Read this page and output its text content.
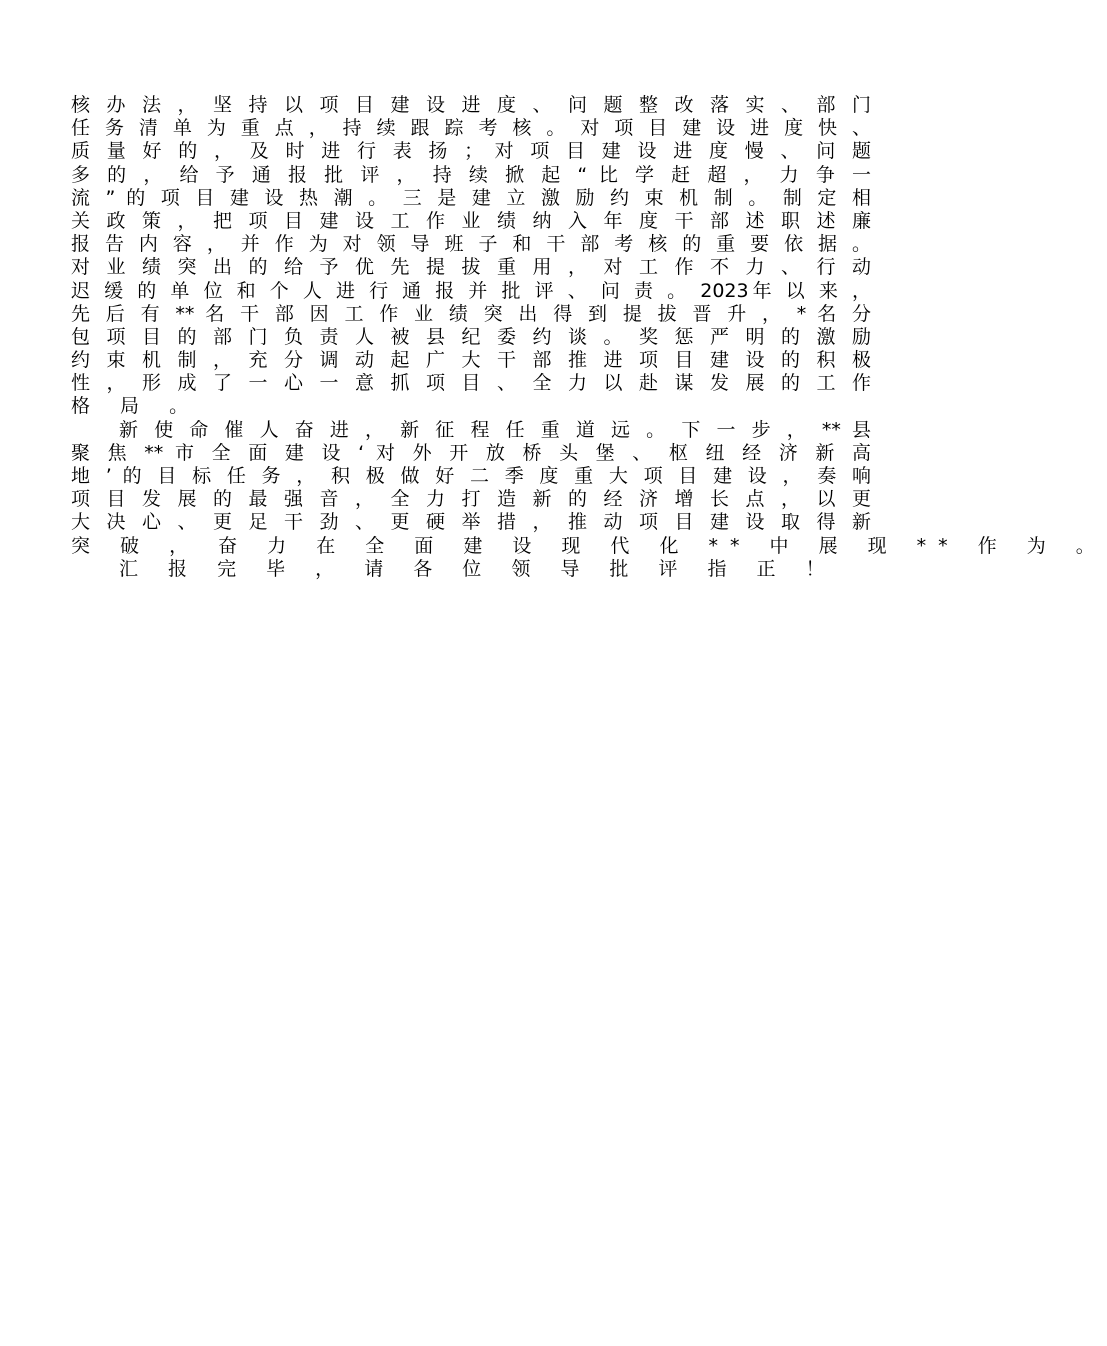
核 办 法 ， 坚 持 以 项 目 建 设 进 度 、 问 题 整 改 落 实 、 部 门
任 务 清 单 为 重 点 ， 持 续 跟 踪 考 核 。 对 项 目 建 设 进 度 快 、
质 量 好 的 ， 及 时 进 行 表 扬 ； 对 项 目 建 设 进 度 慢 、 问 题
多 的 ， 给 予 通 报 批 评 ， 持 续 掀 起 “ 比 学 赶 超 ， 力 争 一
流 ” 的 项 目 建 设 热 潮 。 三 是 建 立 激 励 约 束 机 制 。 制 定 相
关 政 策 ， 把 项 目 建 设 工 作 业 绩 纳 入 年 度 干 部 述 职 述 廉
报 告 内 容 ， 并 作 为 对 领 导 班 子 和 干 部 考 核 的 重 要 依 据 。
对 业 绩 突 出 的 给 予 优 先 提 拔 重 用 ， 对 工 作 不 力 、 行 动
迟 缓 的 单 位 和 个 人 进 行 通 报 并 批 评 、 问 责 。 2023年 以 来 ，
先 后 有 ** 名 干 部 因 工 作 业 绩 突 出 得 到 提 拔 晋 升 ， * 名 分
包 项 目 的 部 门 负 责 人 被 县 纪 委 约 谈 。 奖 惩 严 明 的 激 励
约 束 机 制 ， 充 分 调 动 起 广 大 干 部 推 进 项 目 建 设 的 积 极
性 ， 形 成 了 一 心 一 意 抓 项 目 、 全 力 以 赴 谋 发 展 的 工 作
格 局 。
新 使 命 催 人 奋 进 ， 新 征 程 任 重 道 远 。 下 一 步 ， ** 县
聚 焦 ** 市 全 面 建 设 ‘ 对 外 开 放 桥 头 堡 、 枢 纽 经 济 新 高
地 ’ 的 目 标 任 务 ， 积 极 做 好 二 季 度 重 大 项 目 建 设 ， 奏 响
项 目 发 展 的 最 强 音 ， 全 力 打 造 新 的 经 济 增 长 点 ， 以 更
大 决 心 、 更 足 干 劲 、 更 硬 举 措 ， 推 动 项 目 建 设 取 得 新
突 破 ， 奋 力 在 全 面 建 设 现 代 化 ** 中 展 现 ** 作 为 。
汇 报 完 毕 ， 请 各 位 领 导 批 评 指 正 ！
